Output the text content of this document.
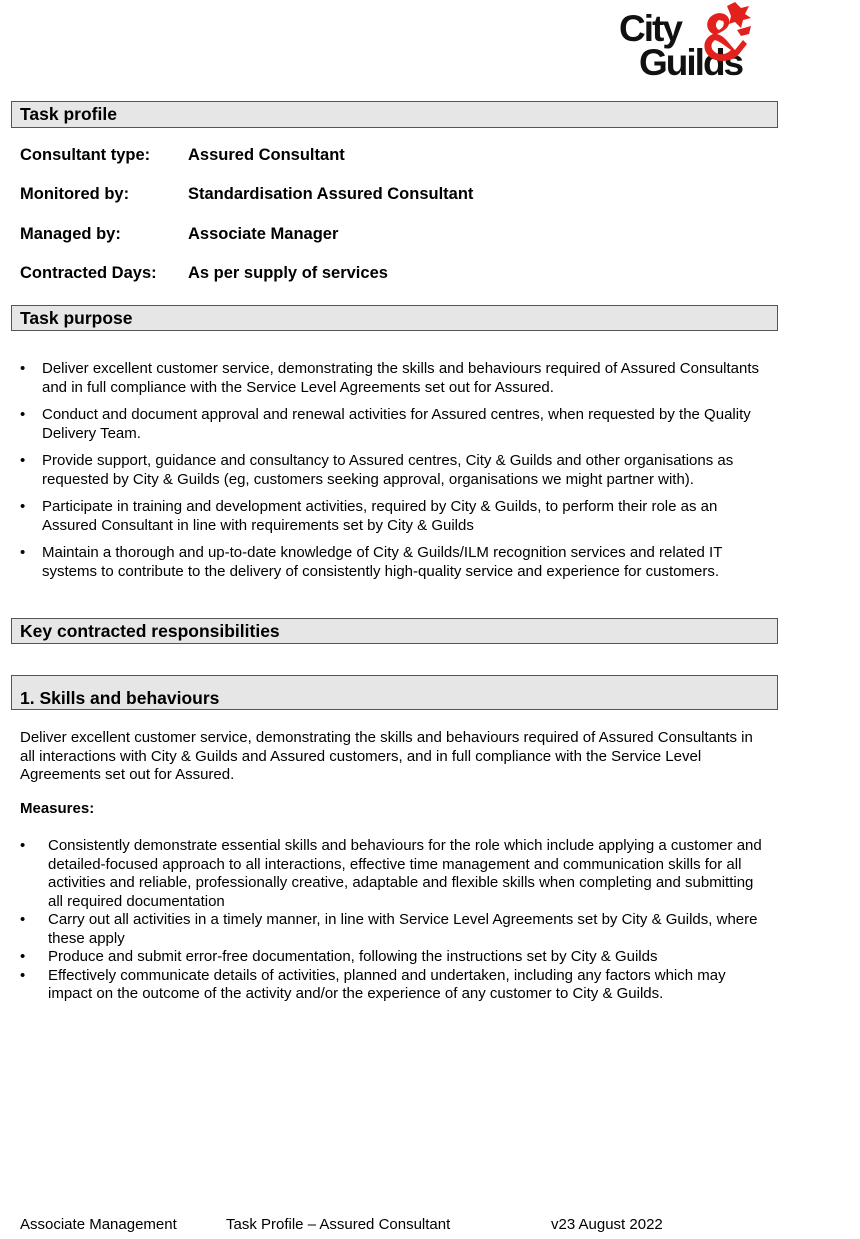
City
Guilds
Task profile
Consultant type: Assured Consultant
Monitored by:	Standardisation Assured Consultant
Managed by:	Associate Manager
Contracted Days: As per supply of services
Task purpose
• Deliver excellent customer service, demonstrating the skills and behaviours required of Assured Consultants and in full compliance with the Service Level Agreements set out for Assured.
• Conduct and document approval and renewal activities for Assured centres, when requested by the Quality Delivery Team.
• Provide support, guidance and consultancy to Assured centres, City & Guilds and other organisations as requested by City & Guilds (eg, customers seeking approval, organisations we might partner with).
• Participate in training and development activities, required by City & Guilds, to perform their role as an Assured Consultant in line with requirements set by City & Guilds
• Maintain a thorough and up-to-date knowledge of City & Guilds/ILM recognition services and related IT systems to contribute to the delivery of consistently high-quality service and experience for customers.
Key contracted responsibilities
1. Skills and behaviours

Deliver excellent customer service, demonstrating the skills and behaviours required of Assured Consultants in all interactions with City & Guilds and Assured customers, and in full compliance with the Service Level Agreements set out for Assured.

Measures:
• Consistently demonstrate essential skills and behaviours for the role which include applying a customer and detailed-focused approach to all interactions, effective time management and communication skills for all activities and reliable, professionally creative, adaptable and flexible skills when completing and submitting all required documentation
• Carry out all activities in a timely manner, in line with Service Level Agreements set by City & Guilds, where these apply
• Produce and submit error-free documentation, following the instructions set by City & Guilds
• Effectively communicate details of activities, planned and undertaken, including any factors which may impact on the outcome of the activity and/or the experience of any customer to City & Guilds.
Associate Management	Task Profile – Assured Consultant	v23 August 2022
